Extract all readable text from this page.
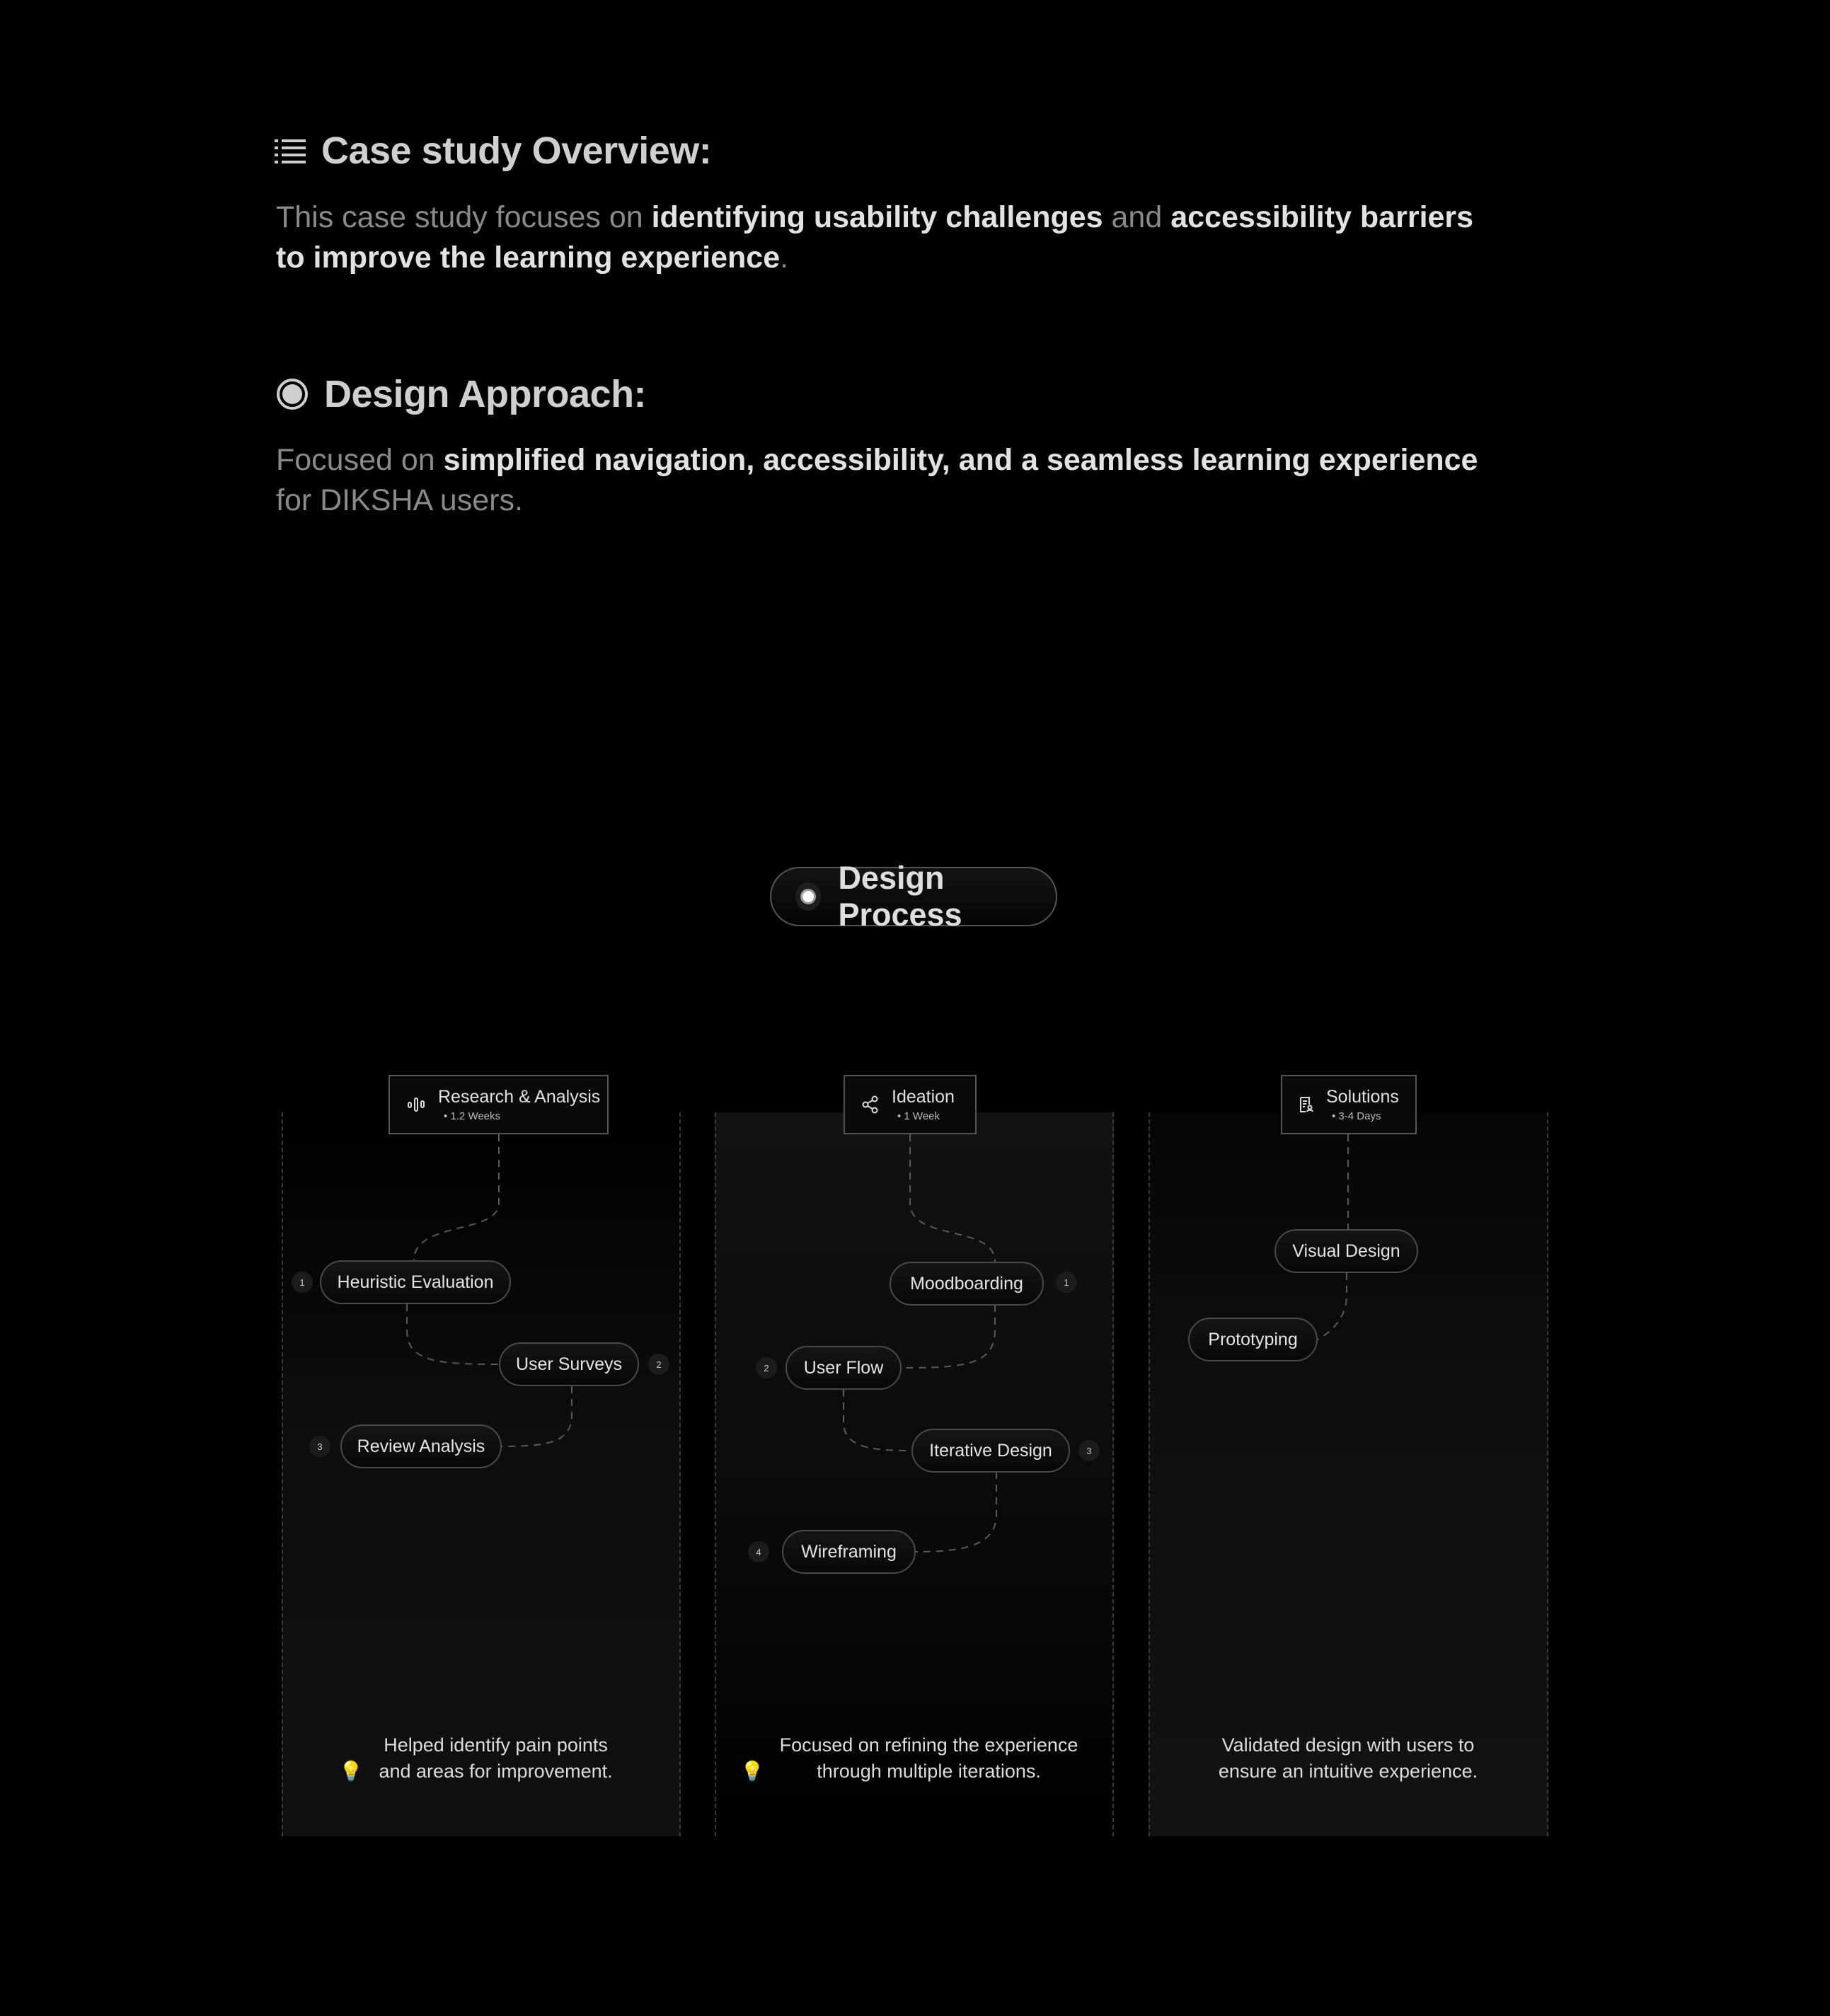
Case study Overview:
This case study focuses on identifying usability challenges and accessibility barriers to improve the learning experience.
Design Approach:
Focused on simplified navigation, accessibility, and a seamless learning experience for DIKSHA users.
Design Process
Research & Analysis
• 1.2 Weeks
Ideation
• 1 Week
Solutions
• 3-4 Days
Heuristic Evaluation
1
User Surveys	2
Review Analysis
3
Moodboarding	1
User Flow
2
Iterative Design	3
Wireframing
4
Visual Design
Prototyping
💡 Helped identify pain points and areas for improvement.	💡 Focused on refining the experience through multiple iterations.
Validated design with users to ensure an intuitive experience.
